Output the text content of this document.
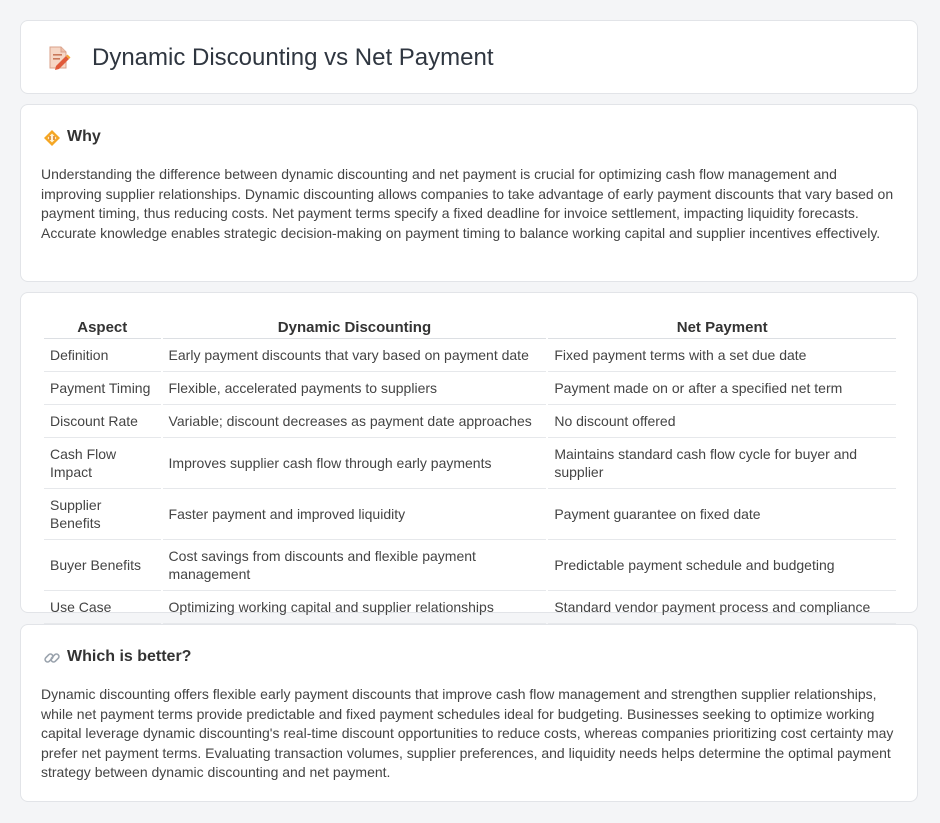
Dynamic Discounting vs Net Payment
Why

Understanding the difference between dynamic discounting and net payment is crucial for optimizing cash flow management and improving supplier relationships. Dynamic discounting allows companies to take advantage of early payment discounts that vary based on payment timing, thus reducing costs. Net payment terms specify a fixed deadline for invoice settlement, impacting liquidity forecasts. Accurate knowledge enables strategic decision-making on payment timing to balance working capital and supplier incentives effectively.

Aspect	Dynamic Discounting	Net Payment
Definition	Early payment discounts that vary based on payment date	Fixed payment terms with a set due date
Payment Timing	Flexible, accelerated payments to suppliers	Payment made on or after a specified net term
Discount Rate	Variable; discount decreases as payment date approaches	No discount offered
Cash Flow Impact	Improves supplier cash flow through early payments	Maintains standard cash flow cycle for buyer and supplier
Supplier Benefits	Faster payment and improved liquidity	Payment guarantee on fixed date
Buyer Benefits	Cost savings from discounts and flexible payment management	Predictable payment schedule and budgeting
Use Case	Optimizing working capital and supplier relationships	Standard vendor payment process and compliance
Which is better?

Dynamic discounting offers flexible early payment discounts that improve cash flow management and strengthen supplier relationships, while net payment terms provide predictable and fixed payment schedules ideal for budgeting. Businesses seeking to optimize working capital leverage dynamic discounting's real-time discount opportunities to reduce costs, whereas companies prioritizing cost certainty may prefer net payment terms. Evaluating transaction volumes, supplier preferences, and liquidity needs helps determine the optimal payment strategy between dynamic discounting and net payment.
